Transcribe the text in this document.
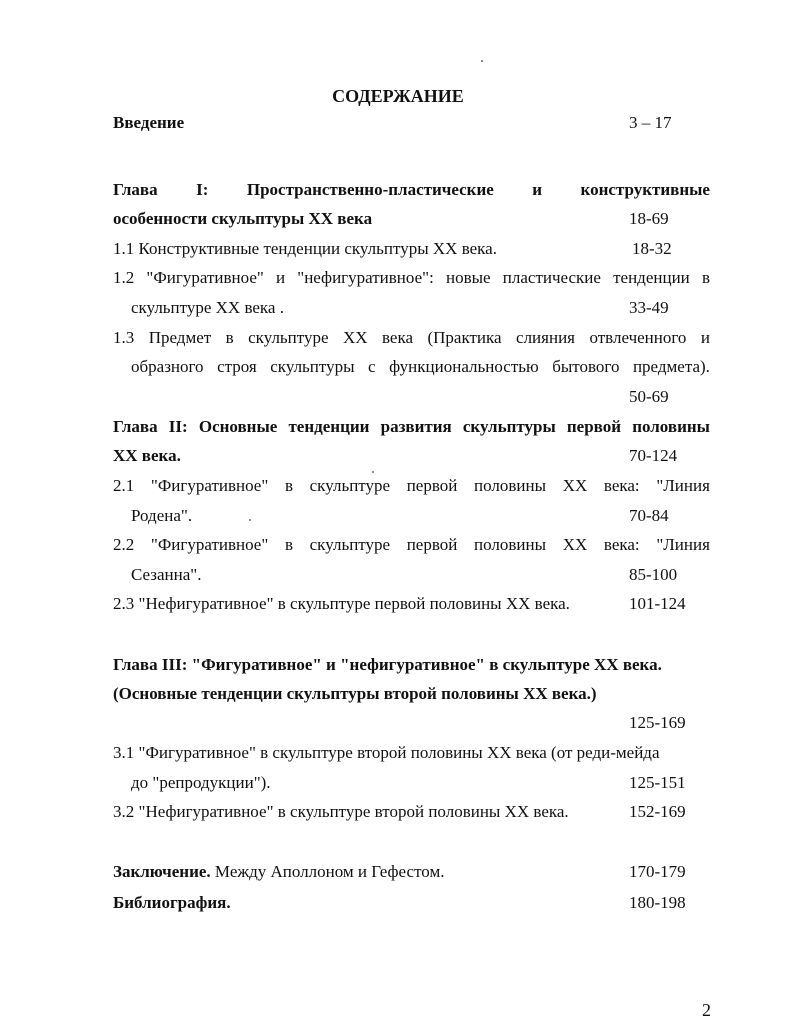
СОДЕРЖАНИЕ
Введение	3 – 17
Глава I: Пространственно-пластические и конструктивные
особенности скульптуры ХХ века	18-69
1.1 Конструктивные тенденции скульптуры ХХ века.	18-32
1.2 "Фигуративное" и "нефигуративное": новые пластические тенденции в
скульптуре ХХ века .	33-49
1.3 Предмет в скульптуре ХХ века (Практика слияния отвлеченного и
образного строя скульптуры с функциональностью бытового предмета).
50-69
Глава II: Основные тенденции развития скульптуры первой половины
ХХ века.	70-124
2.1 "Фигуративное" в скульптуре первой половины ХХ века: "Линия
Родена".	70-84
2.2 "Фигуративное" в скульптуре первой половины ХХ века: "Линия
Сезанна".	85-100
2.3 "Нефигуративное" в скульптуре первой половины ХХ века.	101-124
Глава III: "Фигуративное" и "нефигуративное" в скульптуре ХХ века.
(Основные тенденции скульптуры второй половины ХХ века.)
125-169
3.1 "Фигуративное" в скульптуре второй половины ХХ века (от реди-мейда
до "репродукции").	125-151
3.2 "Нефигуративное" в скульптуре второй половины ХХ века.	152-169
Заключение. Между Аполлоном и Гефестом.	170-179
Библиография.	180-198
2
